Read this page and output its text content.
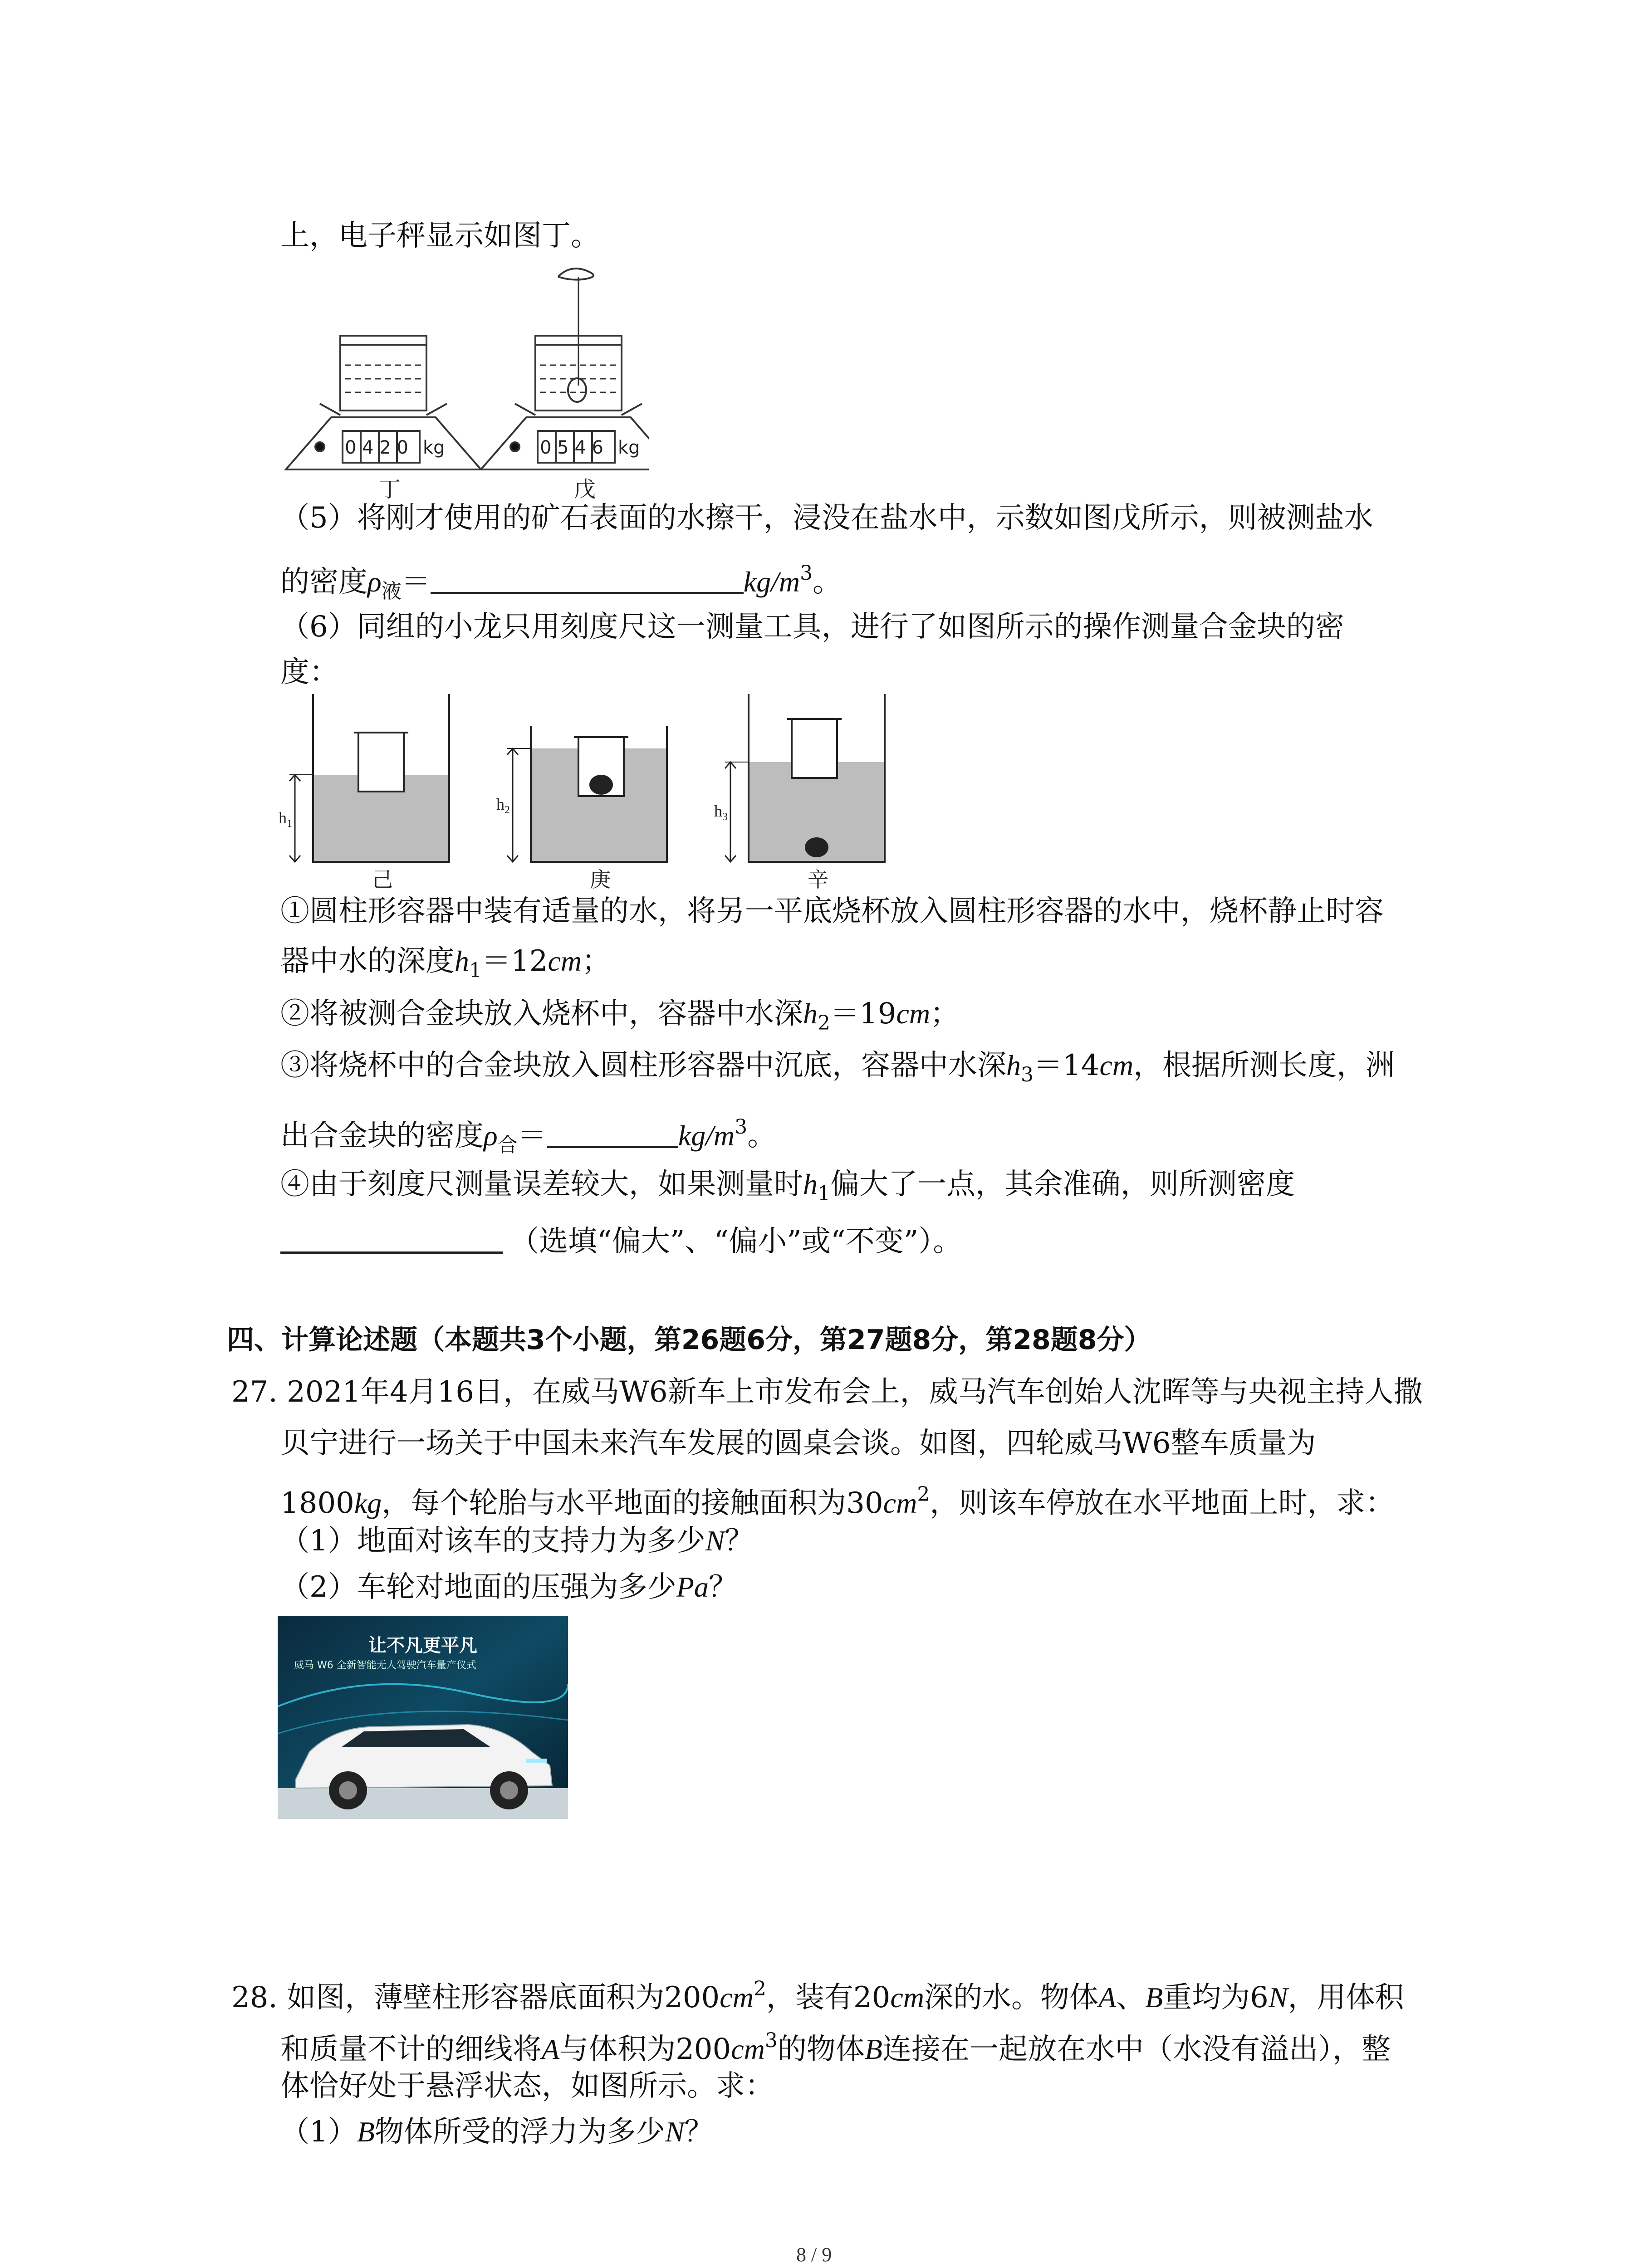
上，电子秤显示如图丁。
0 4 2 0 kg	0 5 4 6 kg
丁	戊
（5）将刚才使用的矿石表面的水擦干，浸没在盐水中，示数如图戊所示，则被测盐水
的密度$\rho_液=$	$kg/m^3$。
（6）同组的小龙只用刻度尺这一测量工具，进行了如图所示的操作测量合金块的密
度：
$h_1$
$h_2$	$h_3$
己	庚	辛
①圆柱形容器中装有适量的水，将另一平底烧杯放入圆柱形容器的水中，烧杯静止时容
器中水的深度$h_1=12cm$；
②将被测合金块放入烧杯中，容器中水深$h_2=19cm$；
③将烧杯中的合金块放入圆柱形容器中沉底，容器中水深$h_3=14cm$，根据所测长度，洲
出合金块的密度$\rho_合=$	$kg/m^3$。
④由于刻度尺测量误差较大，如果测量时$h_1$偏大了一点，其余准确，则所测密度
（选填“偏大”、“偏小”或“不变”）。
四、计算论述题（本题共3个小题，第26题6分，第27题8分，第28题8分）
27. 2021年4月16日，在威马W6新车上市发布会上，威马汽车创始人沈晖等与央视主持人撒
贝宁进行一场关于中国未来汽车发展的圆桌会谈。如图，四轮威马W6整车质量为
1800kg，每个轮胎与水平地面的接触面积为$30cm^2$，则该车停放在水平地面上时，求：
（1）地面对该车的支持力为多少N？
（2）车轮对地面的压强为多少Pa？
让不凡更平凡
威马 W6 全新智能无人驾驶汽车量产仪式
28. 如图，薄壁柱形容器底面积为$200cm^2$，装有20cm深的水。物体A、B重均为6N，用体积
和质量不计的细线将A与体积为$200cm^3$的物体B连接在一起放在水中（水没有溢出），整
体恰好处于悬浮状态，如图所示。求：
（1）B物体所受的浮力为多少N？
8 / 9
